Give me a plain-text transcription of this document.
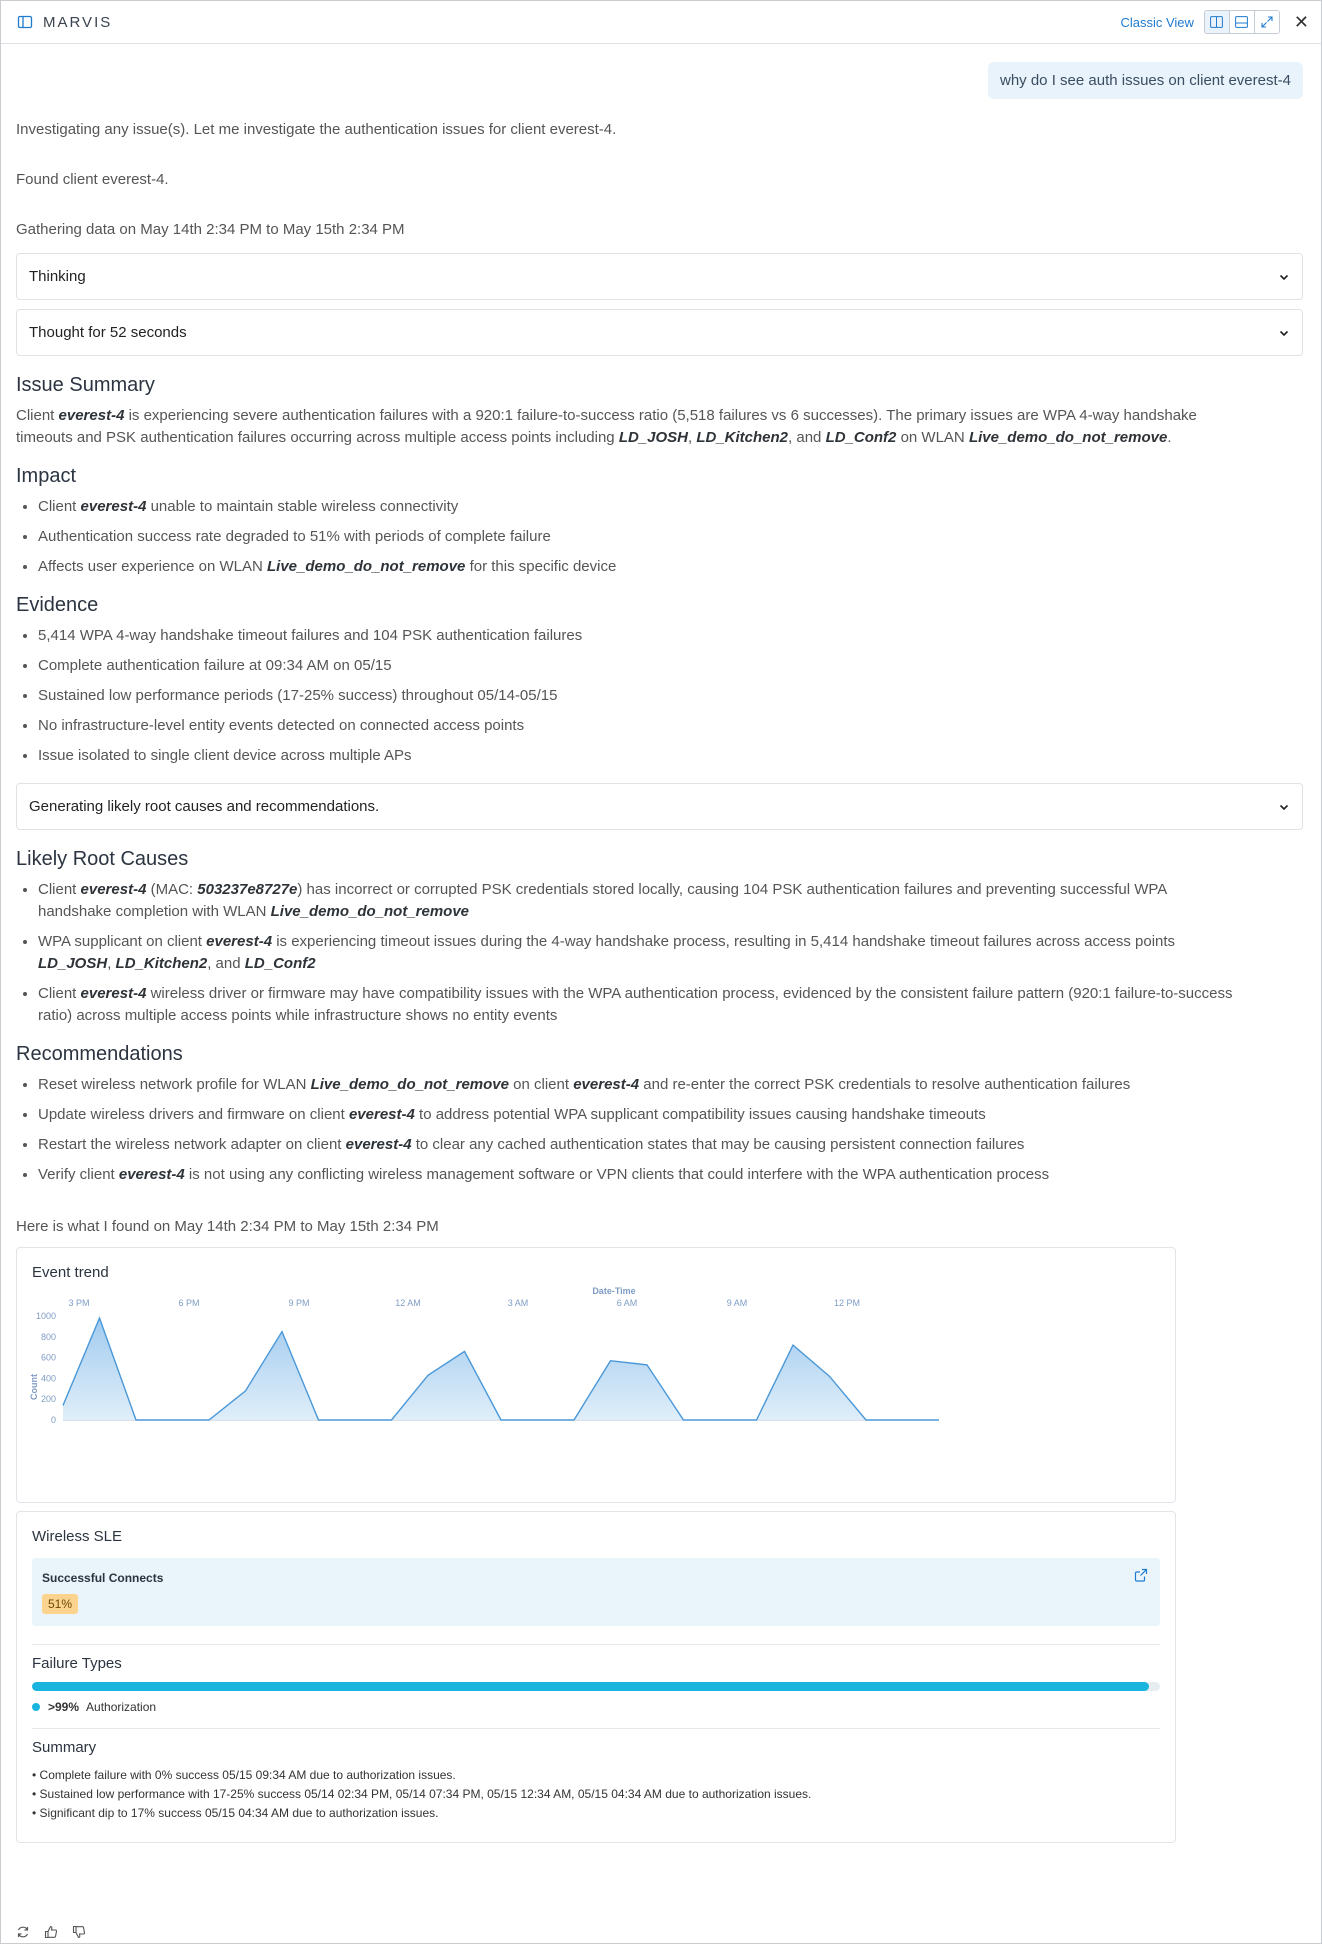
MARVIS	Classic View	✕
why do I see auth issues on client everest-4

Investigating any issue(s). Let me investigate the authentication issues for client everest-4.

Found client everest-4.

Gathering data on May 14th 2:34 PM to May 15th 2:34 PM

Thinking
Thought for 52 seconds
Issue Summary

Client everest-4 is experiencing severe authentication failures with a 920:1 failure-to-success ratio (5,518 failures vs 6 successes). The primary issues are WPA 4-way handshake timeouts and PSK authentication failures occurring across multiple access points including LD_JOSH, LD_Kitchen2, and LD_Conf2 on WLAN Live_demo_do_not_remove.

Impact
• Client everest-4 unable to maintain stable wireless connectivity
• Authentication success rate degraded to 51% with periods of complete failure
• Affects user experience on WLAN Live_demo_do_not_remove for this specific device
Evidence
• 5,414 WPA 4-way handshake timeout failures and 104 PSK authentication failures
• Complete authentication failure at 09:34 AM on 05/15
• Sustained low performance periods (17-25% success) throughout 05/14-05/15
• No infrastructure-level entity events detected on connected access points
• Issue isolated to single client device across multiple APs
Generating likely root causes and recommendations.
Likely Root Causes
• Client everest-4 (MAC: 503237e8727e) has incorrect or corrupted PSK credentials stored locally, causing 104 PSK authentication failures and preventing successful WPA handshake completion with WLAN Live_demo_do_not_remove
• WPA supplicant on client everest-4 is experiencing timeout issues during the 4-way handshake process, resulting in 5,414 handshake timeout failures across access points LD_JOSH, LD_Kitchen2, and LD_Conf2
• Client everest-4 wireless driver or firmware may have compatibility issues with the WPA authentication process, evidenced by the consistent failure pattern (920:1 failure-to-success ratio) across multiple access points while infrastructure shows no entity events
Recommendations
• Reset wireless network profile for WLAN Live_demo_do_not_remove on client everest-4 and re-enter the correct PSK credentials to resolve authentication failures
• Update wireless drivers and firmware on client everest-4 to address potential WPA supplicant compatibility issues causing handshake timeouts
• Restart the wireless network adapter on client everest-4 to clear any cached authentication states that may be causing persistent connection failures
• Verify client everest-4 is not using any conflicting wireless management software or VPN clients that could interfere with the WPA authentication process

Here is what I found on May 14th 2:34 PM to May 15th 2:34 PM

Event trend
Date-Time
Count
3 PM	6 PM	9 PM	12 AM	3 AM	6 AM	9 AM	12 PM
0
200
400
600
800
1000
Wireless SLE
Successful Connects
51%
Failure Types
>99% Authorization
Summary
• Complete failure with 0% success 05/15 09:34 AM due to authorization issues.
• Sustained low performance with 17-25% success 05/14 02:34 PM, 05/14 07:34 PM, 05/15 12:34 AM, 05/15 04:34 AM due to authorization issues.
• Significant dip to 17% success 05/15 04:34 AM due to authorization issues.
